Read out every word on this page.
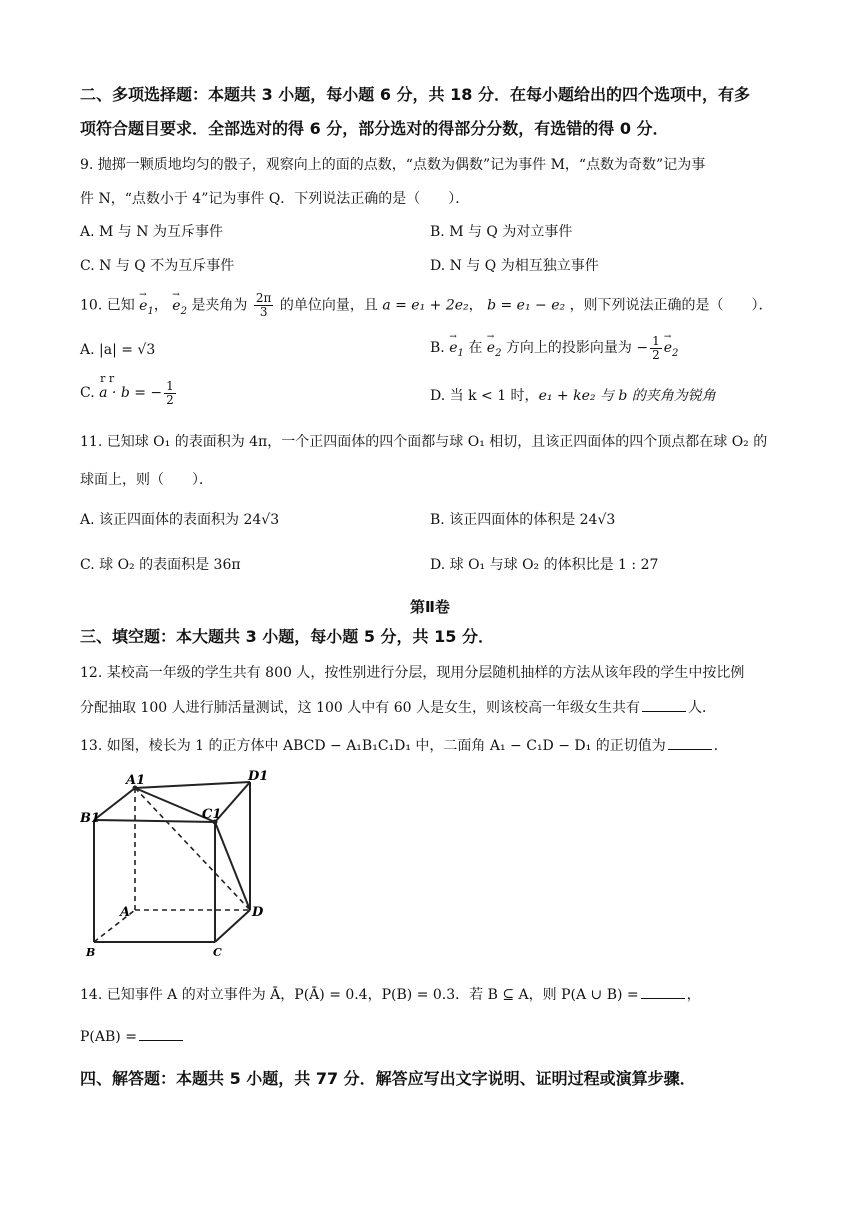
二、多项选择题：本题共 3 小题，每小题 6 分，共 18 分．在每小题给出的四个选项中，有多
项符合题目要求．全部选对的得 6 分，部分选对的得部分分数，有选错的得 0 分．
9. 抛掷一颗质地均匀的骰子，观察向上的面的点数，“点数为偶数”记为事件 M，“点数为奇数”记为事
件 N，“点数小于 4”记为事件 Q．下列说法正确的是（　　）．
A. M 与 N 为互斥事件	B. M 与 Q 为对立事件
C. N 与 Q 不为互斥事件	D. N 与 Q 为相互独立事件
10. 已知 → $e_1$， → $e_2$ 是夹角为 $\frac{2\pi}{3}$ 的单位向量，且 a = e₁ + 2e₂， b = e₁ − e₂ ，则下列说法正确的是（　　）．
A. |a| = √3	B. → $e_1$ 在 → $e_2$ 方向上的投影向量为 − $\frac{1}{2}$
→ $e_2$
C.
r r
a · b = − $\frac{1}{2}$	D. 当 k < 1 时，e₁ + ke₂ 与 b 的夹角为锐角
11. 已知球 O₁ 的表面积为 4π，一个正四面体的四个面都与球 O₁ 相切，且该正四面体的四个顶点都在球 O₂ 的
球面上，则（　　）．
A. 该正四面体的表面积为 24√3	B. 该正四面体的体积是 24√3
C. 球 O₂ 的表面积是 36π	D. 球 O₁ 与球 O₂ 的体积比是 1 : 27
第Ⅱ卷
三、填空题：本大题共 3 小题，每小题 5 分，共 15 分．
12. 某校高一年级的学生共有 800 人，按性别进行分层，现用分层随机抽样的方法从该年段的学生中按比例
分配抽取 100 人进行肺活量测试，这 100 人中有 60 人是女生，则该校高一年级女生共有	人．
13. 如图，棱长为 1 的正方体中 ABCD − A₁B₁C₁D₁ 中，二面角 A₁ − C₁D − D₁ 的正切值为	．
A1	D1
B1	C1
A	D
B	C
14. 已知事件 A 的对立事件为 Ā，P(Ā) = 0.4，P(B) = 0.3．若 B ⊆ A，则 P(A ∪ B) =	，
P(AB) =
四、解答题：本题共 5 小题，共 77 分．解答应写出文字说明、证明过程或演算步骤．
